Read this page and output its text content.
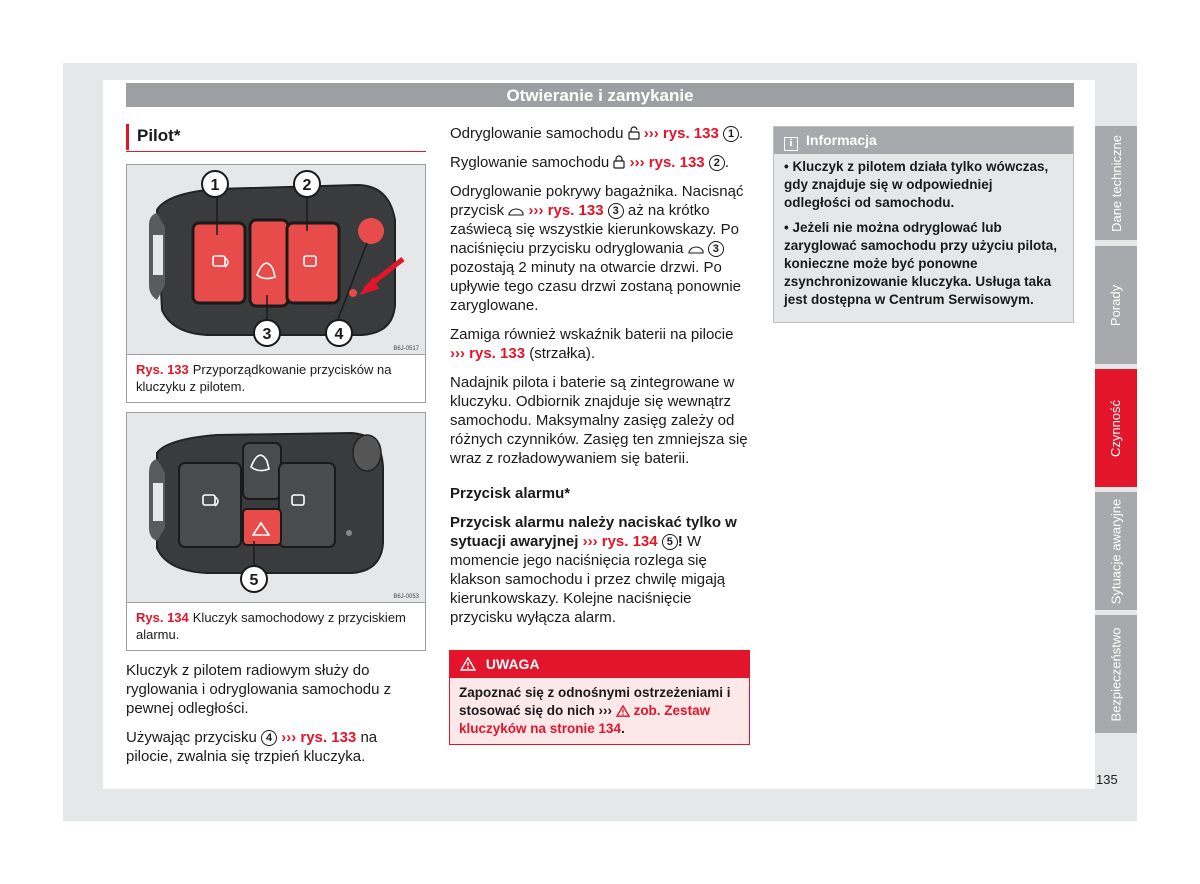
Otwieranie i zamykanie
Dane techniczne
Porady
Czynność
Sytuacje awaryjne
Bezpieczeństwo
135
Pilot*
1	2
3	4
B6J-0517
Rys. 133 Przyporządkowanie przycisków na kluczyku z pilotem.
5
B6J-0053
Rys. 134 Kluczyk samochodowy z przyciskiem alarmu.

Kluczyk z pilotem radiowym służy do ryglowania i odryglowania samochodu z pewnej odległości.

Używając przycisku 4 ››› rys. 133 na pilocie, zwalnia się trzpień kluczyka.

Odryglowanie samochodu ››› rys. 133 1 .

Ryglowanie samochodu ››› rys. 133 2 .

Odryglowanie pokrywy bagażnika. Nacisnąć przycisk ››› rys. 133 3 aż na krótko zaświecą się wszystkie kierunkowskazy. Po naciśnięciu przycisku odryglowania	3 pozostają 2 minuty na otwarcie drzwi. Po upływie tego czasu drzwi zostaną ponownie zaryglowane.

Zamiga również wskaźnik baterii na pilocie ››› rys. 133 (strzałka).

Nadajnik pilota i baterie są zintegrowane w kluczyku. Odbiornik znajduje się wewnątrz samochodu. Maksymalny zasięg zależy od różnych czynników. Zasięg ten zmniejsza się wraz z rozładowywaniem się baterii.

Przycisk alarmu*

Przycisk alarmu należy naciskać tylko w sytuacji awaryjnej ››› rys. 134 5 ! W momencie jego naciśnięcia rozlega się klakson samochodu i przez chwilę migają kierunkowskazy. Kolejne naciśnięcie przycisku wyłącza alarm.

UWAGA
Zapoznać się z odnośnymi ostrzeżeniami i stosować się do nich ››› zob. Zestaw kluczyków na stronie 134.
i Informacja
• Kluczyk z pilotem działa tylko wówczas, gdy znajduje się w odpowiedniej odległości od samochodu.
• Jeżeli nie można odryglować lub zaryglować samochodu przy użyciu pilota, konieczne może być ponowne zsynchronizowanie kluczyka. Usługa taka jest dostępna w Centrum Serwisowym.
